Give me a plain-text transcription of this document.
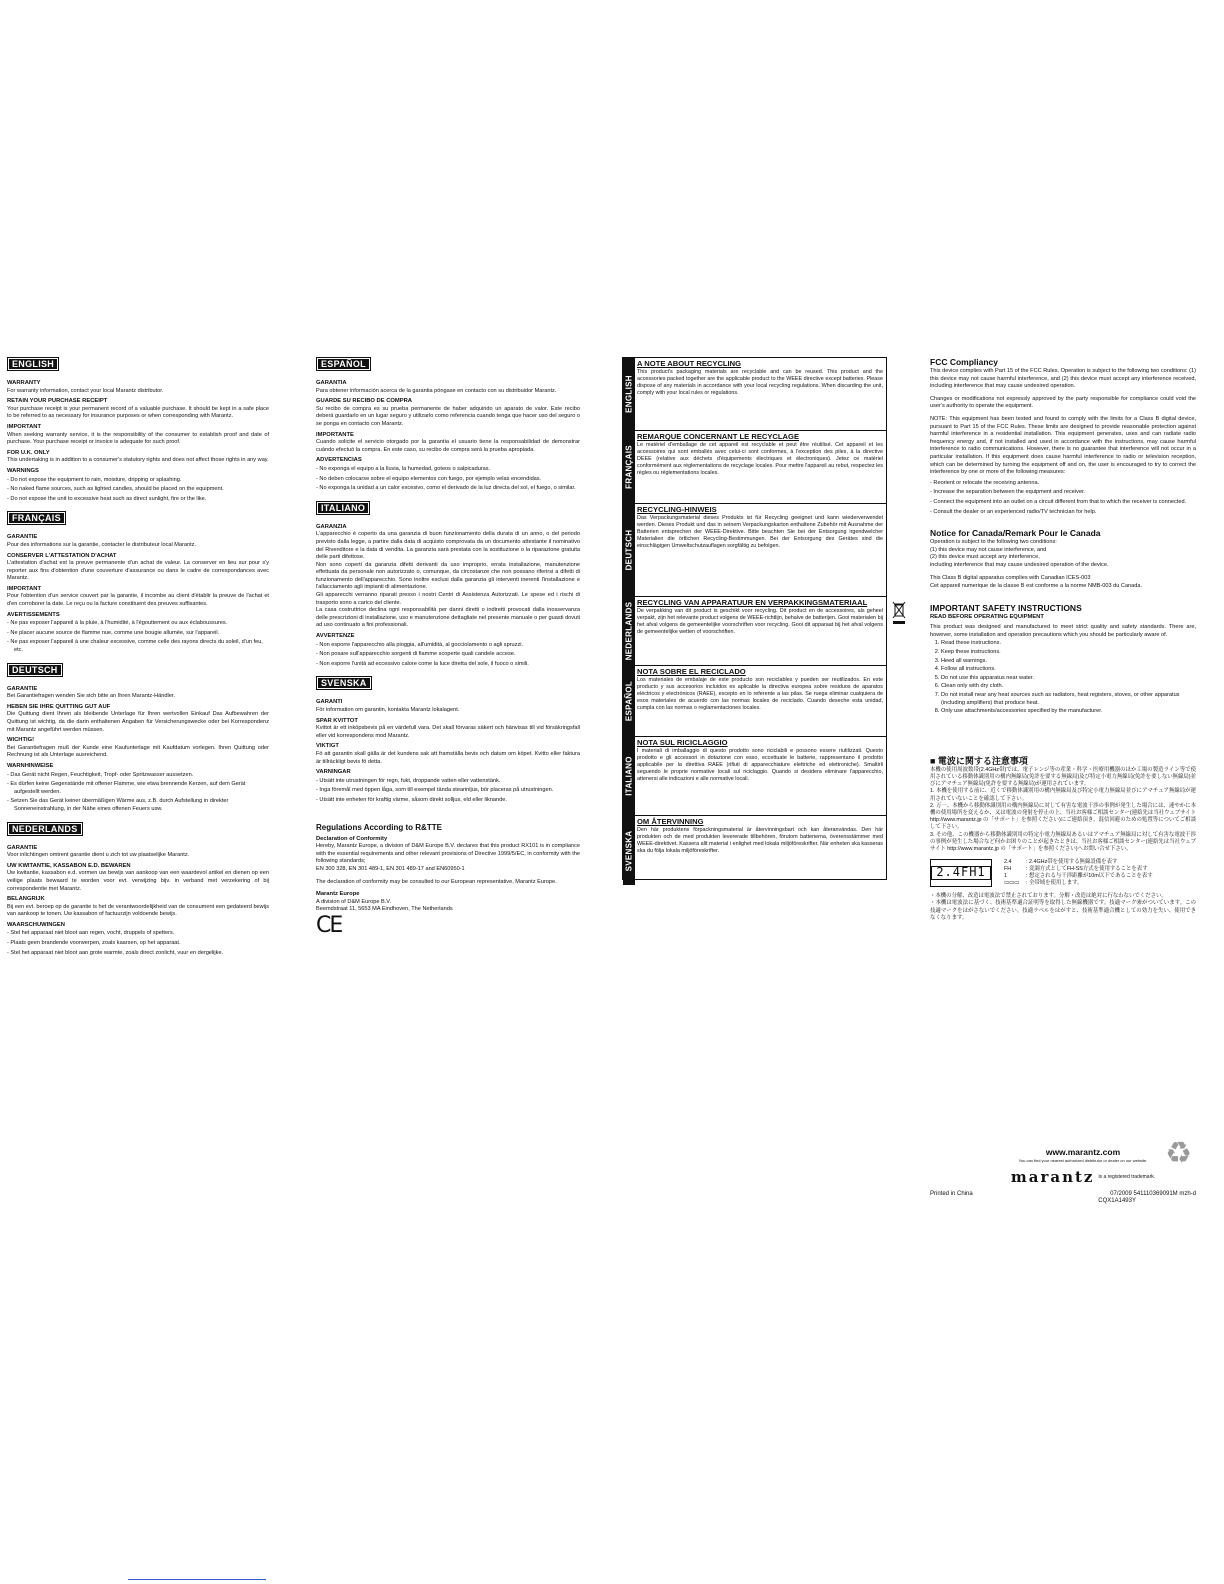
ENGLISH
WARRANTY
For warranty information, contact your local Marantz distributor.
RETAIN YOUR PURCHASE RECEIPT
Your purchase receipt is your permanent record of a valuable purchase. It should be kept in a safe place to be referred to as necessary for insurance purposes or when corresponding with Marantz.
IMPORTANT
When seeking warranty service, it is the responsibility of the consumer to establish proof and date of purchase. Your purchase receipt or invoice is adequate for such proof.
FOR U.K. ONLY
This undertaking is in addition to a consumer's statutory rights and does not affect those rights in any way.
WARNINGS
- Do not expose the equipment to rain, moisture, dripping or splashing.
- No naked flame sources, such as lighted candles, should be placed on the equipment.
- Do not expose the unit to excessive heat such as direct sunlight, fire or the like.
FRANÇAIS
GARANTIE
Pour des informations sur la garantie, contacter le distributeur local Marantz.
CONSERVER L'ATTESTATION D'ACHAT
L'attestation d'achat est la preuve permanente d'un achat de valeur. La conserver en lieu sur pour s'y reporter aux fins d'obtention d'une couverture d'assurance ou dans le cadre de correspondances avec Marantz.
IMPORTANT
Pour l'obtention d'un service couvert par la garantie, il incombe au client d'établir la preuve de l'achat et d'en corroborer la date. Le reçu ou la facture constituent des preuves suffisantes.
AVERTISSEMENTS
- Ne pas exposer l'appareil à la pluie, à l'humidité, à l'égouttement ou aux éclaboussures.
- Ne placer aucune source de flamme nue, comme une bougie allumée, sur l'appareil.
- Ne pas exposer l'appareil à une chaleur excessive, comme celle des rayons directs du soleil, d'un feu, etc.
DEUTSCH
GARANTIE
Bei Garantiefragen wenden Sie sich bitte an Ihren Marantz-Händler.
HEBEN SIE IHRE QUITTING GUT AUF
Die Quittung dient Ihnen als bleibende Unterlage für Ihren wertvollen Einkauf Das Aufbewahren der Quittung ist wichtig, da die darin enthaltenen Angaben für Versicherungswecke oder bei Korrespondenz mit Marantz angeführt werden müssen.
WICHTIG!
Bei Garantiefragen muß der Kunde eine Kaufunterlage mit Kaufdatum vorlegen. Ihren Quittung oder Rechnung ist als Unterlage ausreichend.
WARNHINWEISE
- Das Gerät nicht Regen, Feuchtigkeit, Tropf- oder Spritzwasser aussetzen.
- Es dürfen keine Gegenstände mit offener Flamme, wie etwa brennende Kerzen, auf dem Gerät aufgestellt werden.
- Setzen Sie das Gerät keiner übermäßigen Wärme aus, z.B. durch Aufstellung in direkter Sonneneinstrahlung, in der Nähe eines offenen Feuers usw.
NEDERLANDS
GARANTIE
Voor inlichtingen omtrent garantie dient u zich tot uw plaatselijke Marantz.
UW KWITANTIE, KASSABON E.D. BEWAREN
Uw kwitantie, kassabon e.d. vormen uw bewijs van aankoop van een waardevol artikel en dienen op een veilige plaats bewaard te worden voor evt. verwijzing bijv. in verband met verzekering of bij correspondentie met Marantz.
BELANGRIJK
Bij een evt. beroep op de garantie is het de verantwoordelijkheid van de consument een gedateerd bewijs van aankoop te tonen. Uw kassabon of factuurzijn voldoende bewijs.
WAARSCHUWINGEN
- Stel het apparaat niet bloot aan regen, vocht, druppels of spetters.
- Plaats geen brandende voorwerpen, zoals kaarsen, op het apparaat.
- Stel het apparaat niet bloot aan grote warmte, zoals direct zonlicht, vuur en dergelijke.
ESPAÑOL
GARANTIA
Para obtener información acerca de la garantia póngase en contacto con su distribuidor Marantz.
GUARDE SU RECIBO DE COMPRA
Su recibo de compra es su prueba permanente de haber adquirido un aparato de valor. Este recibo deberá guardarlo en un lugar seguro y utilizarlo como referencia cuando tenga que hacer uso del seguro o se ponga en contacto con Marantz.
IMPORTANTE
Cuando solicite el servicio otorgado por la garantia el usuario tiene la responsabilidad de demonstrar cuándo efectuó la compra. En este caso, su recibo de compra será la prueba apropiada.
ADVERTENCIAS
- No exponga el equipo a la lluvia, la humedad, goteos o salpicaduras.
- No deben colocarse sobre el equipo elementos con fuego, por ejemplo velas encendidas.
- No exponga la unidad a un calor excesivo, como el derivado de la luz directa del sol, el fuego, o similar.
ITALIANO
GARANZIA
L'apparecchio è coperto da una garanzia di buon funzionamento della durata di un anno, o del periodo previsto dalla legge, a partire dalla data di acquisto comprovata da un documento attestante il nominativo del Rivenditore e la data di vendita. La garanzia sarà prestata con la sostituzione o la riparazione gratuita delle parti difettose.
Non sono coperti da garanzia difetti derivanti da uso improprio, errata installazione, manutenzione effettuata da personale non autorizzato o, comunque, da circostanze che non possano riferirsi a difetti di funzionamento dell'apparecchio. Sono inoltre esclusi dalla garanzia gli interventi inerenti l'installazione e l'allacciamento agli impianti di alimentazione.
Gli apparecchi verranno riparati presso i nostri Centri di Assistenza Autorizzati. Le spese ed i rischi di trasporto sono a carico del cliente.
La casa costruttrice declina ogni responsabilità per danni diretti o indiretti provocati dalla inosservanza delle prescrizioni di installazione, uso e manutenzione dettagliate nel presente manuale o per guasti dovuti ad uso continuato a fini professionali.
AVVERTENZE
- Non esporre l'apparecchio alla pioggia, all'umidità, al gocciolamento o agli spruzzi.
- Non posare sull'apparecchio sorgenti di fiamme scoperte quali candele accese.
- Non esporre l'unità ad eccessivo calore come la luce diretta del sole, il fuoco o simili.
SVENSKA
GARANTI
För information om garantin, kontakta Marantz lokalagent.
SPAR KVITTOT
Kvittot är ett inköpsbevis på en värdefull vara. Det skall förvaras säkert och hänvisas till vid försäkringsfall eller vid korrespondens mod Marantz.
VIKTIGT
Fö att garantin skall gälla är det kundens sak att framställa bevis och datum om köpet. Kvitto eller faktura är tillräckligt bevis fö detta.
VARNINGAR
- Utsätt inte utrustningen för regn, fukt, droppande vatten eller vattenstänk.
- Inga föremål med öppen låga, som till exempel tända stearinljus, bör placeras på utrustningen.
- Utsätt inte enheten för kraftig värme, såsom direkt solljus, eld eller liknande.
Regulations According to R&TTE
Declaration of Conformity
Hereby, Marantz Europe, a division of D&M Europe B.V. declares that this product RX101 is in compliance with the essential requirements and other relevant provisions of Directive 1999/5/EC, in conformity with the following standards;
EN 300 328, EN 301 489-1, EN 301 489-17 and EN60950-1
The declaration of conformity may be consulted to our European representative, Marantz Europe.
Marantz Europe
A division of D&M Europe B.V.
Beemdstraat 11, 5653 MA Eindhoven, The Netherlands
CE
ENGLISH
A NOTE ABOUT RECYCLING
This product's packaging materials are recyclable and can be reused. This product and the accessories packed together are the applicable product to the WEEE directive except batteries. Please dispose of any materials in accordance with your local recycling regulations. When discarding the unit, comply with your local rules or regulations.
FRANÇAIS
REMARQUE CONCERNANT LE RECYCLAGE
Le matériel d'emballage de cet appareil est recyclable et peut être réutilisé. Cet appareil et les accessoires qui sont emballés avec celui-ci sont conformes, à l'exception des piles, à la directive DEEE (relative aux déchets d'équipements électriques et électroniques). Jetez ce matériel conformément aux réglementations de recyclage locales. Pour mettre l'appareil au rebut, respectez les règles ou réglementations locales.
DEUTSCH
RECYCLING-HINWEIS
Das Verpackungsmaterial dieses Produkts ist für Recycling geeignet und kann wiederverwendet werden. Dieses Produkt und das in seinem Verpackungskarton enthaltene Zubehör mit Ausnahme der Batterien entsprechen der WEEE-Direktive. Bitte beachten Sie bei der Entsorgung irgendwelcher Materialien die örtlichen Recycling-Bestimmungen. Bei der Entsorgung des Gerätes sind die einschlägigen Umweltschutzauflagen sorgfältig zu befolgen.
NEDERLANDS RECYCLING VAN APPARATUUR EN VERPAKKINGSMATERIAAL
De verpakking van dit product is geschikt voor recycling. Dit product en de accessoires, als geheel verpakt, zijn het relevante product volgens de WEEE-richtlijn, behalve de batterijen. Gooi materialen bij het afval volgens de gemeentelijke voorschriften voor recycling. Gooi dit apparaat bij het afval volgens de gemeentelijke wetten of voorschriften.
ESPAÑOL
NOTA SOBRE EL RECICLADO
Los materiales de embalaje de este producto son reciclables y pueden ser reutilizados. En este producto y sus accesorios incluidos es aplicable la directiva europea sobre residuos de aparatos eléctricos y electrónicos (RAEE), excepto en lo referente a las pilas. Se ruega eliminar cualquiera de esos materiales de acuerdo con las normas locales de reciclado. Cuando deseche esta unidad, cumpla con las normas o reglamentaciones locales.
ITALIANO
NOTA SUL RICICLAGGIO
I materiali di imballaggio di questo prodotto sono riciclabili e possono essere riutilizzati. Questo prodotto e gli accessori in dotazione con esso, eccettuate le batterie, rappresentano il prodotto applicabile per la direttiva RAEE (rifiuti di apparecchiature elettriche ed elettroniche). Smaltirli seguendo le proprie normative locali sul riciclaggio. Quando si desidera eliminare l'apparecchio, attenersi alle indicazioni e alle normative locali.
SVENSKA
OM ÅTERVINNING
Den här produktens förpackningsmaterial är återvinningsbart och kan återanvändas. Den här produkten och de med produkten levererade tillbehören, förutom batterierna, överensstämmer med WEEE-direktivet. Kassera allt material i enlighet med lokala miljöföreskrifter. När enheten ska kasseras ska du följa lokala miljöföreskrifter.
FCC Compliancy
This device complies with Part 15 of the FCC Rules. Operation is subject to the following two conditions: (1) this device may not cause harmful interference, and (2) this device must accept any interference received, including interference that may cause undesired operation.
Changes or modifications not expressly approved by the party responsible for compliance could void the user's authority to operate the equipment.
NOTE: This equipment has been tested and found to comply with the limits for a Class B digital device, pursuant to Part 15 of the FCC Rules. These limits are designed to provide reasonable protection against harmful interference in a residential installation. This equipment generates, uses and can radiate radio frequency energy and, if not installed and used in accordance with the instructions, may cause harmful interference to radio communications. However, there is no guarantee that interference will not occur in a particular installation. If this equipment does cause harmful interference to radio or television reception, which can be determined by turning the equipment off and on, the user is encouraged to try to correct the interference by one or more of the following measures:
- Reorient or relocate the receiving antenna.
- Increase the separation between the equipment and receiver.
- Connect the equipment into an outlet on a circuit different from that to which the receiver is connected.
- Consult the dealer or an experienced radio/TV technician for help.
Notice for Canada/Remark Pour le Canada
Operation is subject to the following two conditions:
(1) this device may not cause interference, and
(2) this device must accept any interference,
including interference that may cause undesired operation of the device.
This Class B digital apparatus complies with Canadian ICES-003
Cet appareil numerique de la classe B est conforme a la norme NMB-003 du Canada.
IMPORTANT SAFETY INSTRUCTIONS
READ BEFORE OPERATING EQUIPMENT
This product was designed and manufactured to meet strict quality and safety standards. There are, however, some installation and operation precautions which you should be particularly aware of.
1. Read these instructions.
2. Keep these instructions.
3. Heed all warnings.
4. Follow all instructions.
5. Do not use this apparatus near water.
6. Clean only with dry cloth.
7. Do not install near any heat sources such as radiators, heat registers, stoves, or other apparatus (including amplifiers) that produce heat.
8. Only use attachments/accessories specified by the manufacturer.
■ 電波に関する注意事項
本機の使用周波数帯(2.4GHz帯)では、電子レンジ等の産業・科学・医療用機器のほか工場の製造ライン等で使用されている移動体識別用の構内無線局(免許を要する無線局)及び特定小電力無線局(免許を要しない無線局)並びにアマチュア無線局(免許を要する無線局)が運用されています。
1. 本機を使用する前に、近くで移動体識別用の構内無線局及び特定小電力無線局並びにアマチュア無線局が運用されていないことを確認して下さい。
2. 万一、本機から移動体識別用の構内無線局に対して有害な電波干渉の事例が発生した場合には、速やかに本機の使用場所を変えるか、又は電波の発射を停止の上、当社お客様ご相談センター(連絡先は当社ウェブサイト http://www.marantz.jp の「サポート」を参照ください)にご連絡頂き、混信回避のための処置等についてご相談して下さい。
3. その他、この機器から移動体識別用の特定小電力無線局あるいはアマチュア無線局に対して有害な電波干渉の事例が発生した場合など何かお困りのことが起きたときは、当社お客様ご相談センター(連絡先は当社ウェブサイト http://www.marantz.jp の「サポート」を参照ください)へお問い合せ下さい。
2.4FH1
2.4	: 2.4GHz帯を使用する無線設備を表す
FH	: 変調方式としてFH-SS方式を使用することを表す
1	: 想定される与干渉距離が10m以下であることを表す
▭▭▭	: 全帯域を使用します。
・本機の分解、改造は電波法で禁止されております。分解・改造は絶対に行なわないでください。
・本機は電波法に基づく、技術基準適合証明等を取得した無線機器です。技適マーク㊜がついています。この技適マークをはがさないでください。技適ラベルをはがすと、技術基準適合機としての効力を失い、使用できなくなります。
www.marantz.com
You can find your nearest authorized distributor or dealer on our website.
marantz is a registered trademark.
♻
Printed in China	07/2009 541110369091M mzh-d
CQX1A1493Y
